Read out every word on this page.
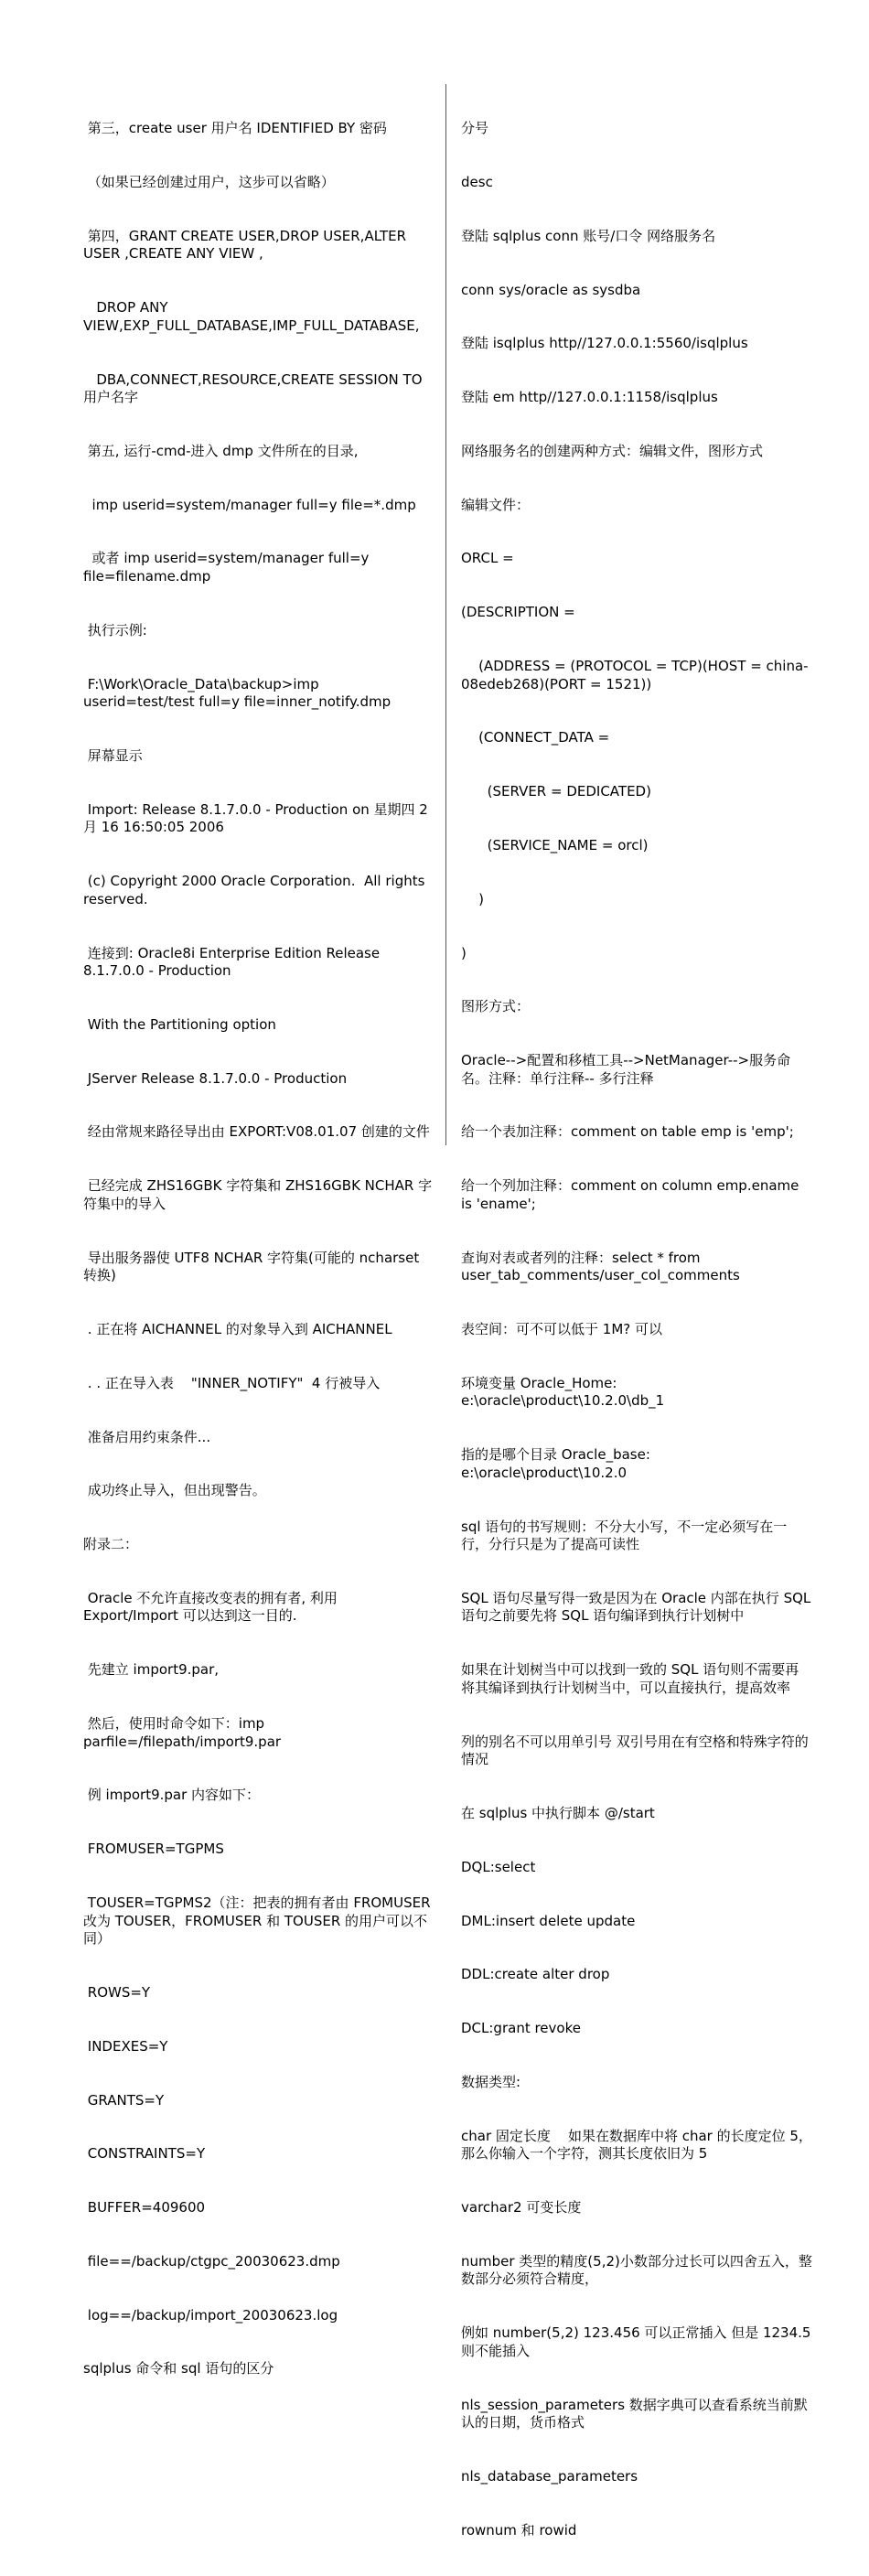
第三，create user 用户名 IDENTIFIED BY 密码

（如果已经创建过用户，这步可以省略）

第四，GRANT CREATE USER,DROP USER,ALTER USER ,CREATE ANY VIEW ,

DROP ANY VIEW,EXP_FULL_DATABASE,IMP_FULL_DATABASE,

DBA,CONNECT,RESOURCE,CREATE SESSION TO 用户名字

第五, 运行-cmd-进入 dmp 文件所在的目录,

imp userid=system/manager full=y file=*.dmp

或者 imp userid=system/manager full=y file=filename.dmp

执行示例:

F:\Work\Oracle_Data\backup>imp userid=test/test full=y file=inner_notify.dmp

屏幕显示

Import: Release 8.1.7.0.0 - Production on 星期四 2 月 16 16:50:05 2006

(c) Copyright 2000 Oracle Corporation.  All rights reserved.

连接到: Oracle8i Enterprise Edition Release 8.1.7.0.0 - Production

With the Partitioning option

JServer Release 8.1.7.0.0 - Production

经由常规来路径导出由 EXPORT:V08.01.07 创建的文件

已经完成 ZHS16GBK 字符集和 ZHS16GBK NCHAR 字符集中的导入

导出服务器使 UTF8 NCHAR 字符集(可能的 ncharset 转换)

. 正在将 AICHANNEL 的对象导入到 AICHANNEL

. . 正在导入表    "INNER_NOTIFY"  4 行被导入

准备启用约束条件...

成功终止导入，但出现警告。

附录二：

Oracle 不允许直接改变表的拥有者, 利用 Export/Import 可以达到这一目的.

先建立 import9.par,

然后，使用时命令如下：imp parfile=/filepath/import9.par

例 import9.par 内容如下：

FROMUSER=TGPMS

TOUSER=TGPMS2（注：把表的拥有者由 FROMUSER 改为 TOUSER，FROMUSER 和 TOUSER 的用户可以不同）

ROWS=Y

INDEXES=Y

GRANTS=Y

CONSTRAINTS=Y

BUFFER=409600

file==/backup/ctgpc_20030623.dmp

log==/backup/import_20030623.log

sqlplus 命令和 sql 语句的区分

分号

desc

登陆 sqlplus conn 账号/口令 网络服务名

conn sys/oracle as sysdba

登陆 isqlplus http//127.0.0.1:5560/isqlplus

登陆 em http//127.0.0.1:1158/isqlplus

网络服务名的创建两种方式：编辑文件，图形方式

编辑文件：

ORCL =

(DESCRIPTION =

(ADDRESS = (PROTOCOL = TCP)(HOST = china-08edeb268)(PORT = 1521))

(CONNECT_DATA =

(SERVER = DEDICATED)

(SERVICE_NAME = orcl)

)

)

图形方式：

Oracle-->配置和移植工具-->NetManager-->服务命名。注释：单行注释-- 多行注释

给一个表加注释：comment on table emp is 'emp';

给一个列加注释：comment on column emp.ename is 'ename';

查询对表或者列的注释：select * from user_tab_comments/user_col_comments

表空间：可不可以低于 1M? 可以

环境变量 Oracle_Home:     e:\oracle\product\10.2.0\db_1

指的是哪个目录 Oracle_base:     e:\oracle\product\10.2.0

sql 语句的书写规则：不分大小写，不一定必须写在一行，分行只是为了提高可读性

SQL 语句尽量写得一致是因为在 Oracle 内部在执行 SQL 语句之前要先将 SQL 语句编译到执行计划树中

如果在计划树当中可以找到一致的 SQL 语句则不需要再将其编译到执行计划树当中，可以直接执行，提高效率

列的别名不可以用单引号 双引号用在有空格和特殊字符的情况

在 sqlplus 中执行脚本 @/start

DQL:select

DML:insert delete update

DDL:create alter drop

DCL:grant revoke

数据类型:

char 固定长度    如果在数据库中将 char 的长度定位 5，那么你输入一个字符，测其长度依旧为 5

varchar2 可变长度

number 类型的精度(5,2)小数部分过长可以四舍五入，整数部分必须符合精度，

例如 number(5,2) 123.456 可以正常插入 但是 1234.5 则不能插入

nls_session_parameters 数据字典可以查看系统当前默认的日期，货币格式

nls_database_parameters

rownum 和 rowid
